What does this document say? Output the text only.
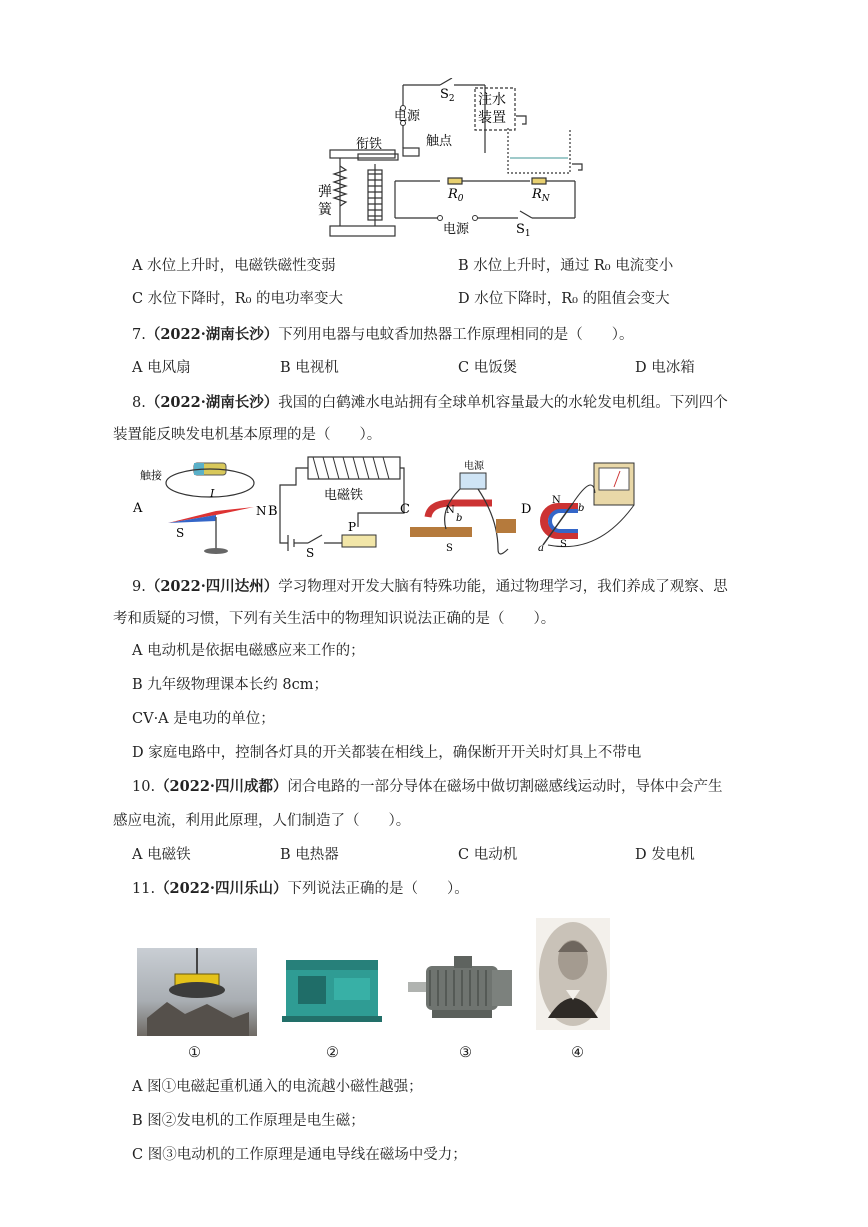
$S_2$
电源
注水
装置
衔铁	触点
弹
簧
$R_0$	$R_N$
电源	$S_1$
A 水位上升时，电磁铁磁性变弱	B 水位上升时，通过 R₀ 电流变小
C 水位下降时，R₀ 的电功率变大	D 水位下降时，R₀ 的阻值会变大
7.（2022·湖南长沙）下列用电器与电蚊香加热器工作原理相同的是（　　）。
A 电风扇	B 电视机	C 电饭煲	D 电冰箱
8.（2022·湖南长沙）我国的白鹤滩水电站拥有全球单机容量最大的水轮发电机组。下列四个
装置能反映发电机基本原理的是（　　）。
A
触接
I
S
N B
电磁铁
P
S
C
电源
N
S
b
D
N
S
a
b
9.（2022·四川达州）学习物理对开发大脑有特殊功能，通过物理学习，我们养成了观察、思
考和质疑的习惯，下列有关生活中的物理知识说法正确的是（　　）。
A 电动机是依据电磁感应来工作的；
B 九年级物理课本长约 8cm；
CV·A 是电功的单位；
D 家庭电路中，控制各灯具的开关都装在相线上，确保断开开关时灯具上不带电
10.（2022·四川成都）闭合电路的一部分导体在磁场中做切割磁感线运动时，导体中会产生
感应电流，利用此原理，人们制造了（　　）。
A 电磁铁	B 电热器	C 电动机	D 发电机
11.（2022·四川乐山）下列说法正确的是（　　）。
①	②	③	④
A 图①电磁起重机通入的电流越小磁性越强；
B 图②发电机的工作原理是电生磁；
C 图③电动机的工作原理是通电导线在磁场中受力；
